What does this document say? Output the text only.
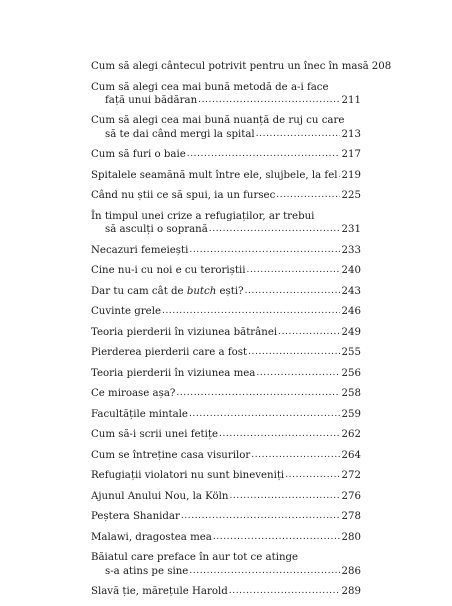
Cum să alegi cântecul potrivit pentru un înec în masă 208
Cum să alegi cea mai bună metodă de a-i face
față unui bădăran .....	211
Cum să alegi cea mai bună nuanță de ruj cu care
să te dai când mergi la spital .....	213
Cum să furi o baie .....	217
Spitalele seamănă mult între ele, slujbele, la fel ..... 219
Când nu știi ce să spui, ia un fursec .....	225
În timpul unei crize a refugiaților, ar trebui
să asculți o soprană .....	231
Necazuri femeiești .....	233
Cine nu-i cu noi e cu teroriștii .....	240
Dar tu cam cât de butch ești? .....	243
Cuvinte grele .....	246
Teoria pierderii în viziunea bătrânei .....	249
Pierderea pierderii care a fost .....	255
Teoria pierderii în viziunea mea .....	256
Ce miroase așa? .....	258
Facultățile mintale .....	259
Cum să-i scrii unei fetițe .....	262
Cum se întreține casa visurilor .....	264
Refugiații violatori nu sunt bineveniți .....	272
Ajunul Anului Nou, la Köln .....	276
Peștera Shanidar .....	278
Malawi, dragostea mea .....	280
Băiatul care preface în aur tot ce atinge
s-a atins pe sine .....	286
Slavă ție, mărețule Harold .....	289
